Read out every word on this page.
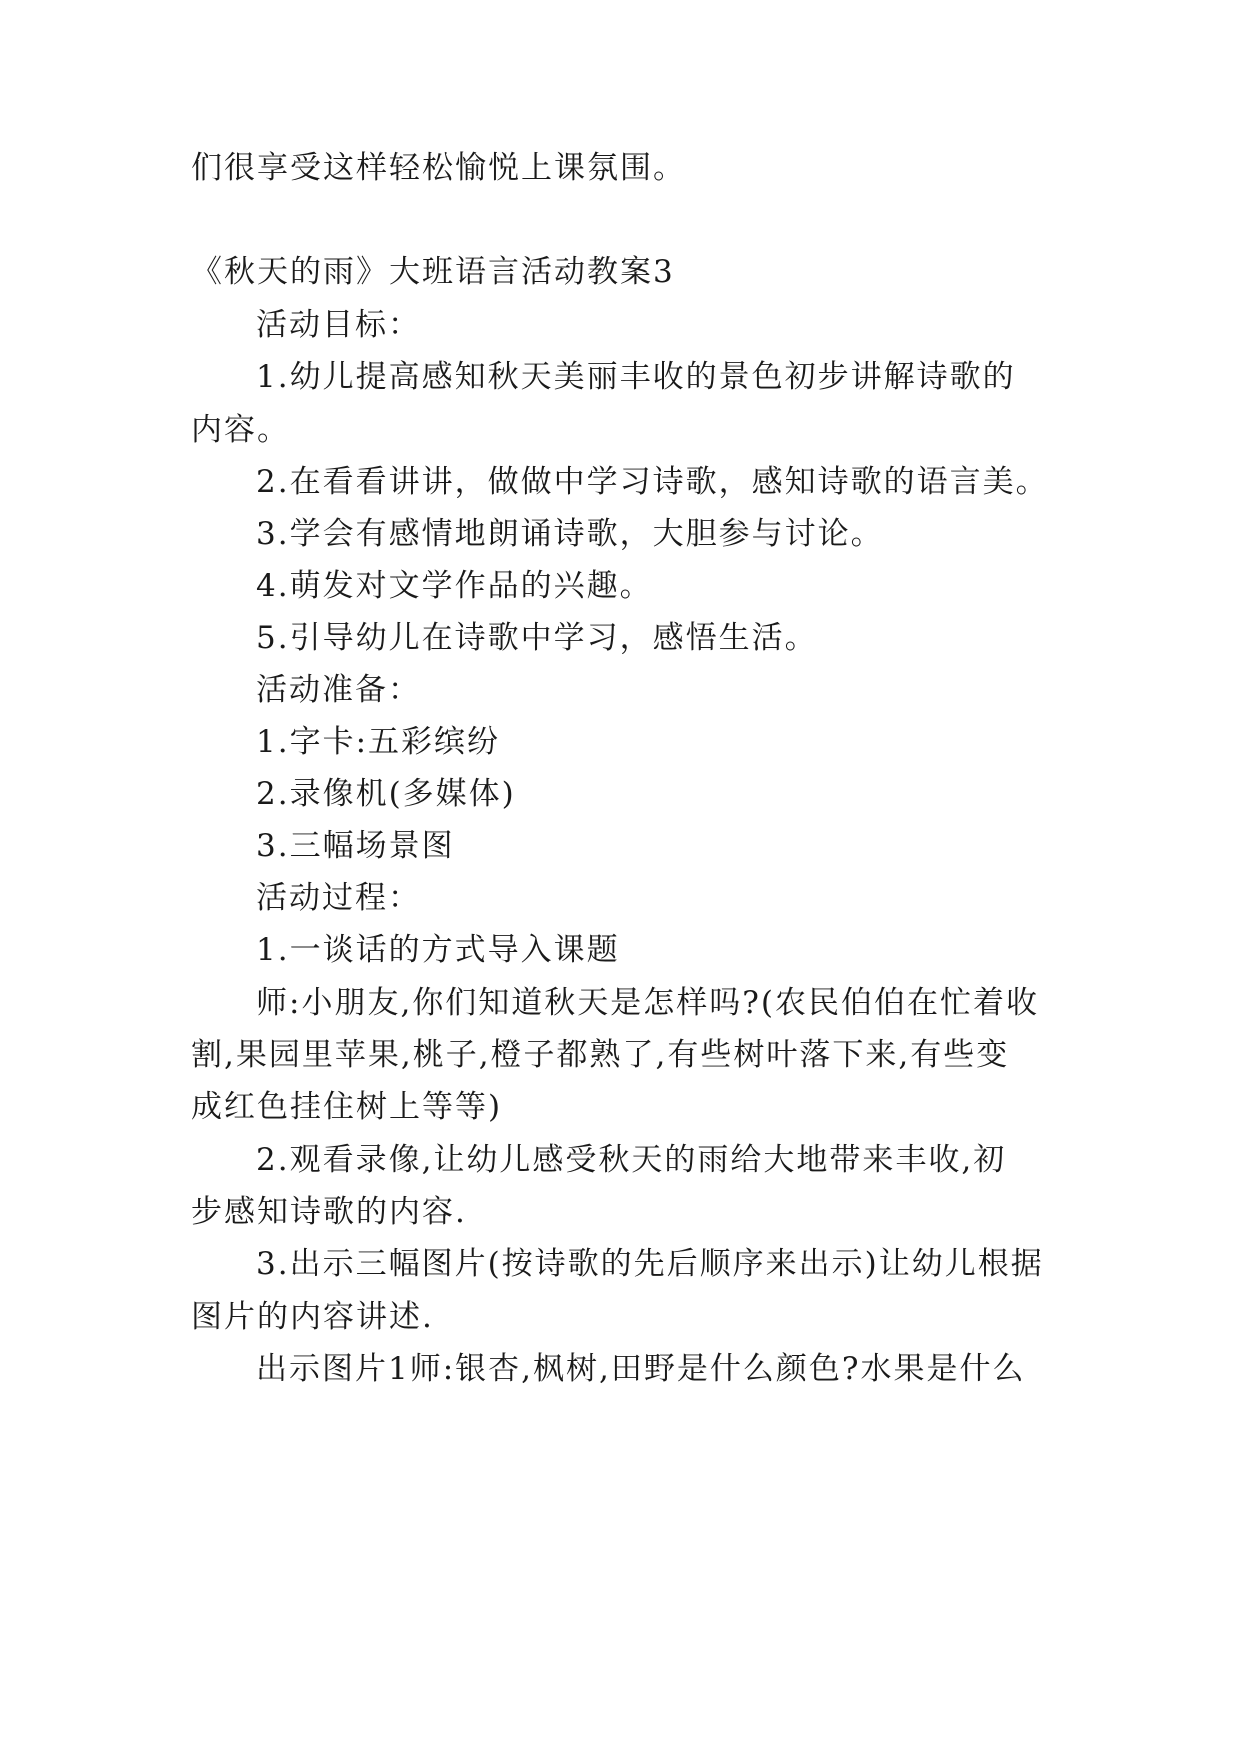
们很享受这样轻松愉悦上课氛围。
《秋天的雨》大班语言活动教案3
活动目标：
1.幼儿提高感知秋天美丽丰收的景色初步讲解诗歌的
内容。
2.在看看讲讲，做做中学习诗歌，感知诗歌的语言美。
3.学会有感情地朗诵诗歌，大胆参与讨论。
4.萌发对文学作品的兴趣。
5.引导幼儿在诗歌中学习，感悟生活。
活动准备：
1.字卡:五彩缤纷
2.录像机(多媒体)
3.三幅场景图
活动过程：
1.一谈话的方式导入课题
师:小朋友,你们知道秋天是怎样吗?(农民伯伯在忙着收
割,果园里苹果,桃子,橙子都熟了,有些树叶落下来,有些变
成红色挂住树上等等)
2.观看录像,让幼儿感受秋天的雨给大地带来丰收,初
步感知诗歌的内容.
3.出示三幅图片(按诗歌的先后顺序来出示)让幼儿根据
图片的内容讲述.
出示图片1师:银杏,枫树,田野是什么颜色?水果是什么
